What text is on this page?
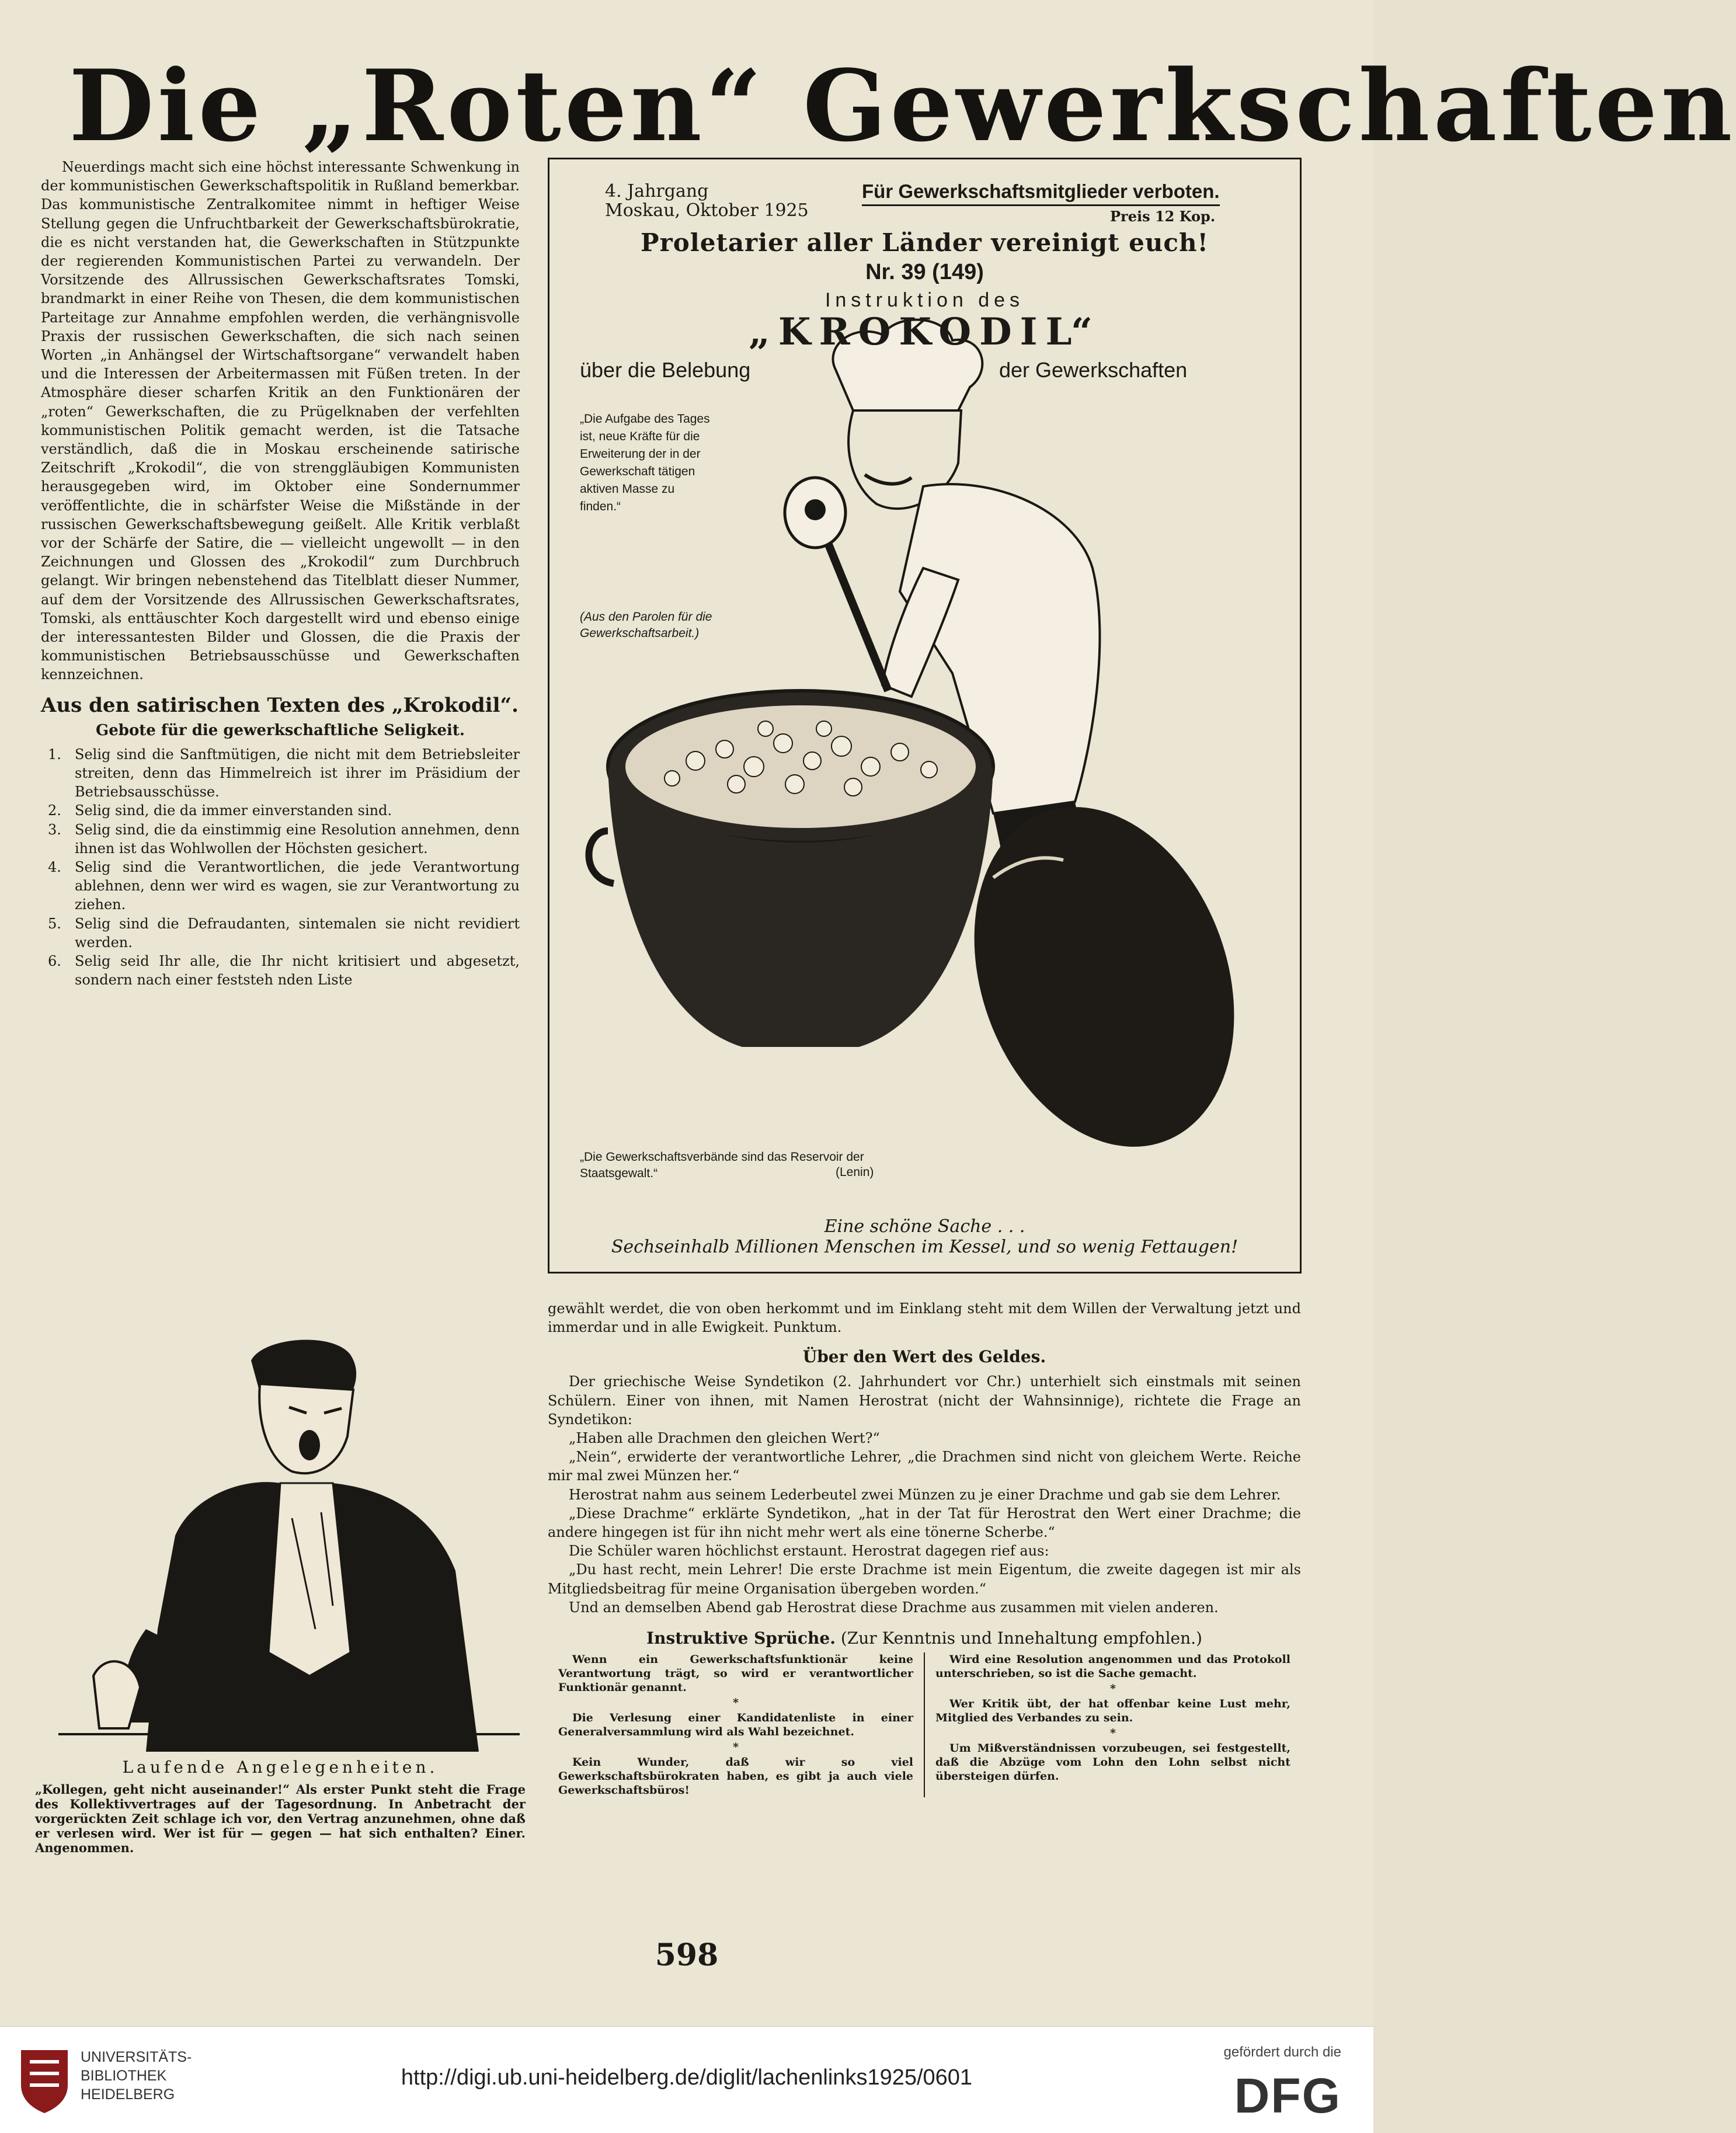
Die „Roten“ Gewerkschaften

Neuerdings macht sich eine höchst interessante Schwenkung in der kommunistischen Gewerkschaftspolitik in Rußland bemerkbar. Das kommunistische Zentralkomitee nimmt in heftiger Weise Stellung gegen die Unfruchtbarkeit der Gewerkschaftsbürokratie, die es nicht verstanden hat, die Gewerkschaften in Stützpunkte der regierenden Kommunistischen Partei zu verwandeln. Der Vorsitzende des Allrussischen Gewerkschaftsrates Tomski, brandmarkt in einer Reihe von Thesen, die dem kommunistischen Parteitage zur Annahme empfohlen werden, die verhängnisvolle Praxis der russischen Gewerkschaften, die sich nach seinen Worten „in Anhängsel der Wirtschaftsorgane“ verwandelt haben und die Interessen der Arbeitermassen mit Füßen treten. In der Atmosphäre dieser scharfen Kritik an den Funktionären der „roten“ Gewerkschaften, die zu Prügelknaben der verfehlten kommunistischen Politik gemacht werden, ist die Tatsache verständlich, daß die in Moskau erscheinende satirische Zeitschrift „Krokodil“, die von strenggläubigen Kommunisten herausgegeben wird, im Oktober eine Sondernummer veröffentlichte, die in schärfster Weise die Mißstände in der russischen Gewerkschaftsbewegung geißelt. Alle Kritik verblaßt vor der Schärfe der Satire, die — vielleicht ungewollt — in den Zeichnungen und Glossen des „Krokodil“ zum Durchbruch gelangt. Wir bringen nebenstehend das Titelblatt dieser Nummer, auf dem der Vorsitzende des Allrussischen Gewerkschaftsrates, Tomski, als enttäuschter Koch dargestellt wird und ebenso einige der interessantesten Bilder und Glossen, die die Praxis der kommunistischen Betriebsausschüsse und Gewerkschaften kennzeichnen.

Aus den satirischen Texten des „Krokodil“.
Gebote für die gewerkschaftliche Seligkeit.
1. Selig sind die Sanftmütigen, die nicht mit dem Betriebsleiter streiten, denn das Himmelreich ist ihrer im Präsidium der Betriebsausschüsse.
2. Selig sind, die da immer einverstanden sind.
3. Selig sind, die da einstimmig eine Resolution annehmen, denn ihnen ist das Wohlwollen der Höchsten gesichert.
4. Selig sind die Verantwortlichen, die jede Verantwortung ablehnen, denn wer wird es wagen, sie zur Verantwortung zu ziehen.
5. Selig sind die Defraudanten, sintemalen sie nicht revidiert werden.
6. Selig seid Ihr alle, die Ihr nicht kritisiert und abgesetzt, sondern nach einer feststeh nden Liste
Laufende Angelegenheiten.
„Kollegen, geht nicht auseinander!“ Als erster Punkt steht die Frage des Kollektivvertrages auf der Tagesordnung. In Anbetracht der vorgerückten Zeit schlage ich vor, den Vertrag anzunehmen, ohne daß er verlesen wird. Wer ist für — gegen — hat sich enthalten? Einer. Angenommen.
4. Jahrgang
Moskau, Oktober 1925
Für Gewerkschaftsmitglieder verboten.
Preis 12 Kop.
Proletarier aller Länder vereinigt euch!
Nr. 39 (149)
Instruktion des
„KROKODIL“
über die Belebung	der Gewerkschaften
„Die Aufgabe des Tages ist, neue Kräfte für die Erweiterung der in der Gewerkschaft tätigen aktiven Masse zu finden.“
(Aus den Parolen für die Gewerkschaftsarbeit.)
„Die Gewerkschaftsverbände sind das Reservoir der Staatsgewalt.“	(Lenin)
Eine schöne Sache . . .
Sechseinhalb Millionen Menschen im Kessel, und so wenig Fettaugen!

gewählt werdet, die von oben herkommt und im Einklang steht mit dem Willen der Verwaltung jetzt und immerdar und in alle Ewigkeit. Punktum.

Über den Wert des Geldes.

Der griechische Weise Syndetikon (2. Jahrhundert vor Chr.) unterhielt sich einstmals mit seinen Schülern. Einer von ihnen, mit Namen Herostrat (nicht der Wahnsinnige), richtete die Frage an Syndetikon:

„Haben alle Drachmen den gleichen Wert?“

„Nein“, erwiderte der verantwortliche Lehrer, „die Drachmen sind nicht von gleichem Werte. Reiche mir mal zwei Münzen her.“

Herostrat nahm aus seinem Lederbeutel zwei Münzen zu je einer Drachme und gab sie dem Lehrer.

„Diese Drachme“ erklärte Syndetikon, „hat in der Tat für Herostrat den Wert einer Drachme; die andere hingegen ist für ihn nicht mehr wert als eine tönerne Scherbe.“

Die Schüler waren höchlichst erstaunt. Herostrat dagegen rief aus:

„Du hast recht, mein Lehrer! Die erste Drachme ist mein Eigentum, die zweite dagegen ist mir als Mitgliedsbeitrag für meine Organisation übergeben worden.“

Und an demselben Abend gab Herostrat diese Drachme aus zusammen mit vielen anderen.

Instruktive Sprüche. (Zur Kenntnis und Innehaltung empfohlen.)

Wenn ein Gewerkschaftsfunktionär keine Verantwortung trägt, so wird er verantwortlicher Funktionär genannt.

*

Die Verlesung einer Kandidatenliste in einer Generalversammlung wird als Wahl bezeichnet.

*

Kein Wunder, daß wir so viel Gewerkschaftsbürokraten haben, es gibt ja auch viele Gewerkschaftsbüros!

Wird eine Resolution angenommen und das Protokoll unterschrieben, so ist die Sache gemacht.

*

Wer Kritik übt, der hat offenbar keine Lust mehr, Mitglied des Verbandes zu sein.

*

Um Mißverständnissen vorzubeugen, sei festgestellt, daß die Abzüge vom Lohn den Lohn selbst nicht übersteigen dürfen.

598
UNIVERSITÄTS-
BIBLIOTHEK
HEIDELBERG
http://digi.ub.uni-heidelberg.de/diglit/lachenlinks1925/0601
gefördert durch die
DFG
